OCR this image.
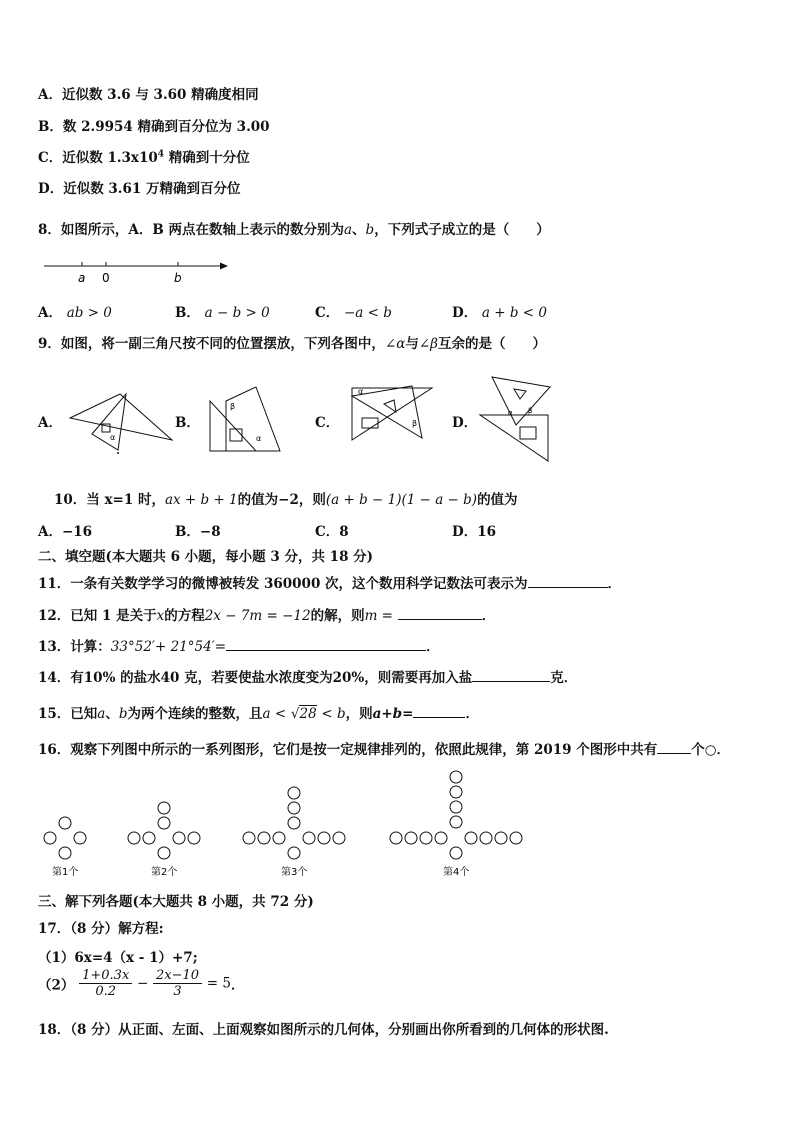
A．近似数 3.6 与 3.60 精确度相同
B．数 2.9954 精确到百分位为 3.00
C．近似数 $1.3x10^4$ 精确到十分位
D．近似数 3.61 万精确到百分位
8．如图所示，A．B 两点在数轴上表示的数分别为a、b，下列式子成立的是（　　）
a 0	b
A． ab > 0	B． a − b > 0	C． −a < b	D． a + b < 0
9．如图，将一副三角尺按不同的位置摆放，下列各图中，∠α与∠β互余的是（　　）
A．
α
B．
β
α
C．
α
β	D．
α β
10．当 x=1 时，ax + b + 1的值为−2，则(a + b − 1)(1 − a − b)的值为
A．−16	B．−8	C．8	D．16
二、填空题(本大题共 6 小题，每小题 3 分，共 18 分)
11．一条有关数学学习的微博被转发 360000 次，这个数用科学记数法可表示为	．
12．已知 1 是关于x的方程2x − 7m = −12的解，则m =	．
13．计算：33°52′+ 21°54′=	．
14．有10% 的盐水40 克，若要使盐水浓度变为20%，则需要再加入盐	克．
15．已知a、b为两个连续的整数，且a < √28 < b，则a+b=	．
16．观察下列图中所示的一系列图形，它们是按一定规律排列的，依照此规律，第 2019 个图形中共有	个○．
第1个	第2个	第3个	第4个
三、解下列各题(本大题共 8 小题，共 72 分)
17．（8 分）解方程:
（1）6x=4（x - 1）+7;
$(2) \frac{1+0.3x}{0.2} - \frac{2x-10}{3} = 5$．
18．（8 分）从正面、左面、上面观察如图所示的几何体，分别画出你所看到的几何体的形状图.
